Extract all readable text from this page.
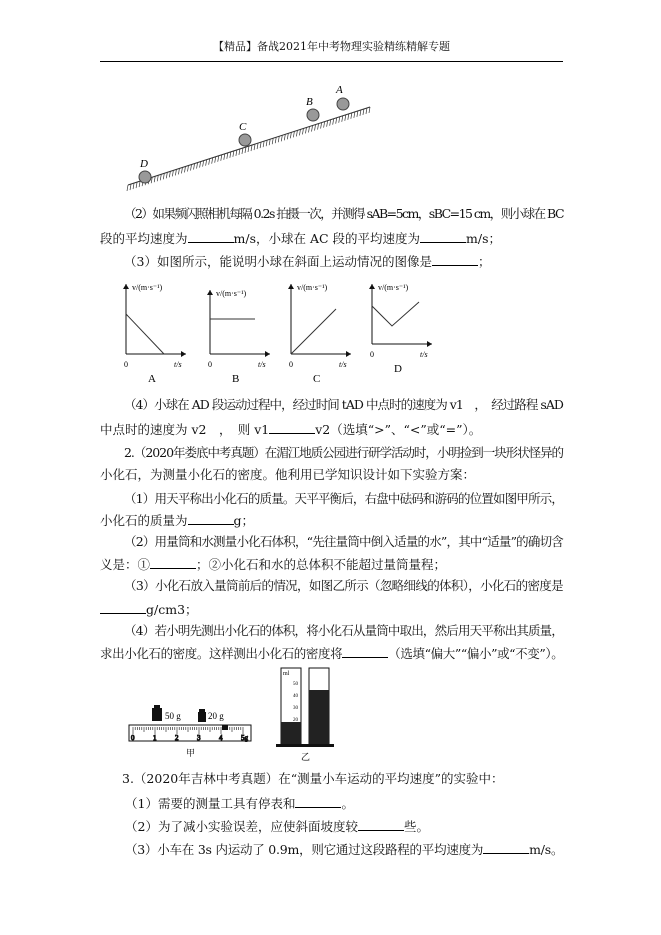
【精品】备战2021年中考物理实验精练精解专题
A
B
C
D
（2）如果频闪照相机每隔 0.2s 拍摄一次，并测得 sAB=5cm，sBC=15 cm，则小球在 BC
段的平均速度为	m/s，小球在 AC 段的平均速度为	m/s；
（3）如图所示，能说明小球在斜面上运动情况的图像是	；
v/(m·s⁻¹)
0	t/s
A
v/(m·s⁻¹)
0	t/s
B
v/(m·s⁻¹)
0	t/s
C
v/(m·s⁻¹)
0	t/s
D
（4）小球在 AD 段运动过程中，经过时间 tAD 中点时的速度为 v1　，　经过路程 sAD
中点时的速度为 v2　，　则 v1	v2（选填“>”、“<”或“=”）。
2.（2020年娄底中考真题）在湄江地质公园进行研学活动时，小明捡到一块形状怪异的
小化石，为测量小化石的密度。他利用已学知识设计如下实验方案：
（1）用天平称出小化石的质量。天平平衡后，右盘中砝码和游码的位置如图甲所示，
小化石的质量为	g；
（2）用量筒和水测量小化石体积，“先往量筒中倒入适量的水”，其中“适量”的确切含
义是：①	；②小化石和水的总体积不能超过量筒量程；
（3）小化石放入量筒前后的情况，如图乙所示（忽略细线的体积），小化石的密度是
g/cm3；
（4）若小明先测出小化石的体积，将小化石从量筒中取出，然后用天平称出其质量，
求出小化石的密度。这样测出小化石的密度将	（选填“偏大”“偏小”或“不变”）。
50 g	20 g
0	1	2	3	4	5g
甲
ml
50
40
30
20
乙
3.（2020年吉林中考真题）在“测量小车运动的平均速度”的实验中：
（1）需要的测量工具有停表和	。
（2）为了减小实验误差，应使斜面坡度较	些。
（3）小车在 3s 内运动了 0.9m，则它通过这段路程的平均速度为	m/s。
